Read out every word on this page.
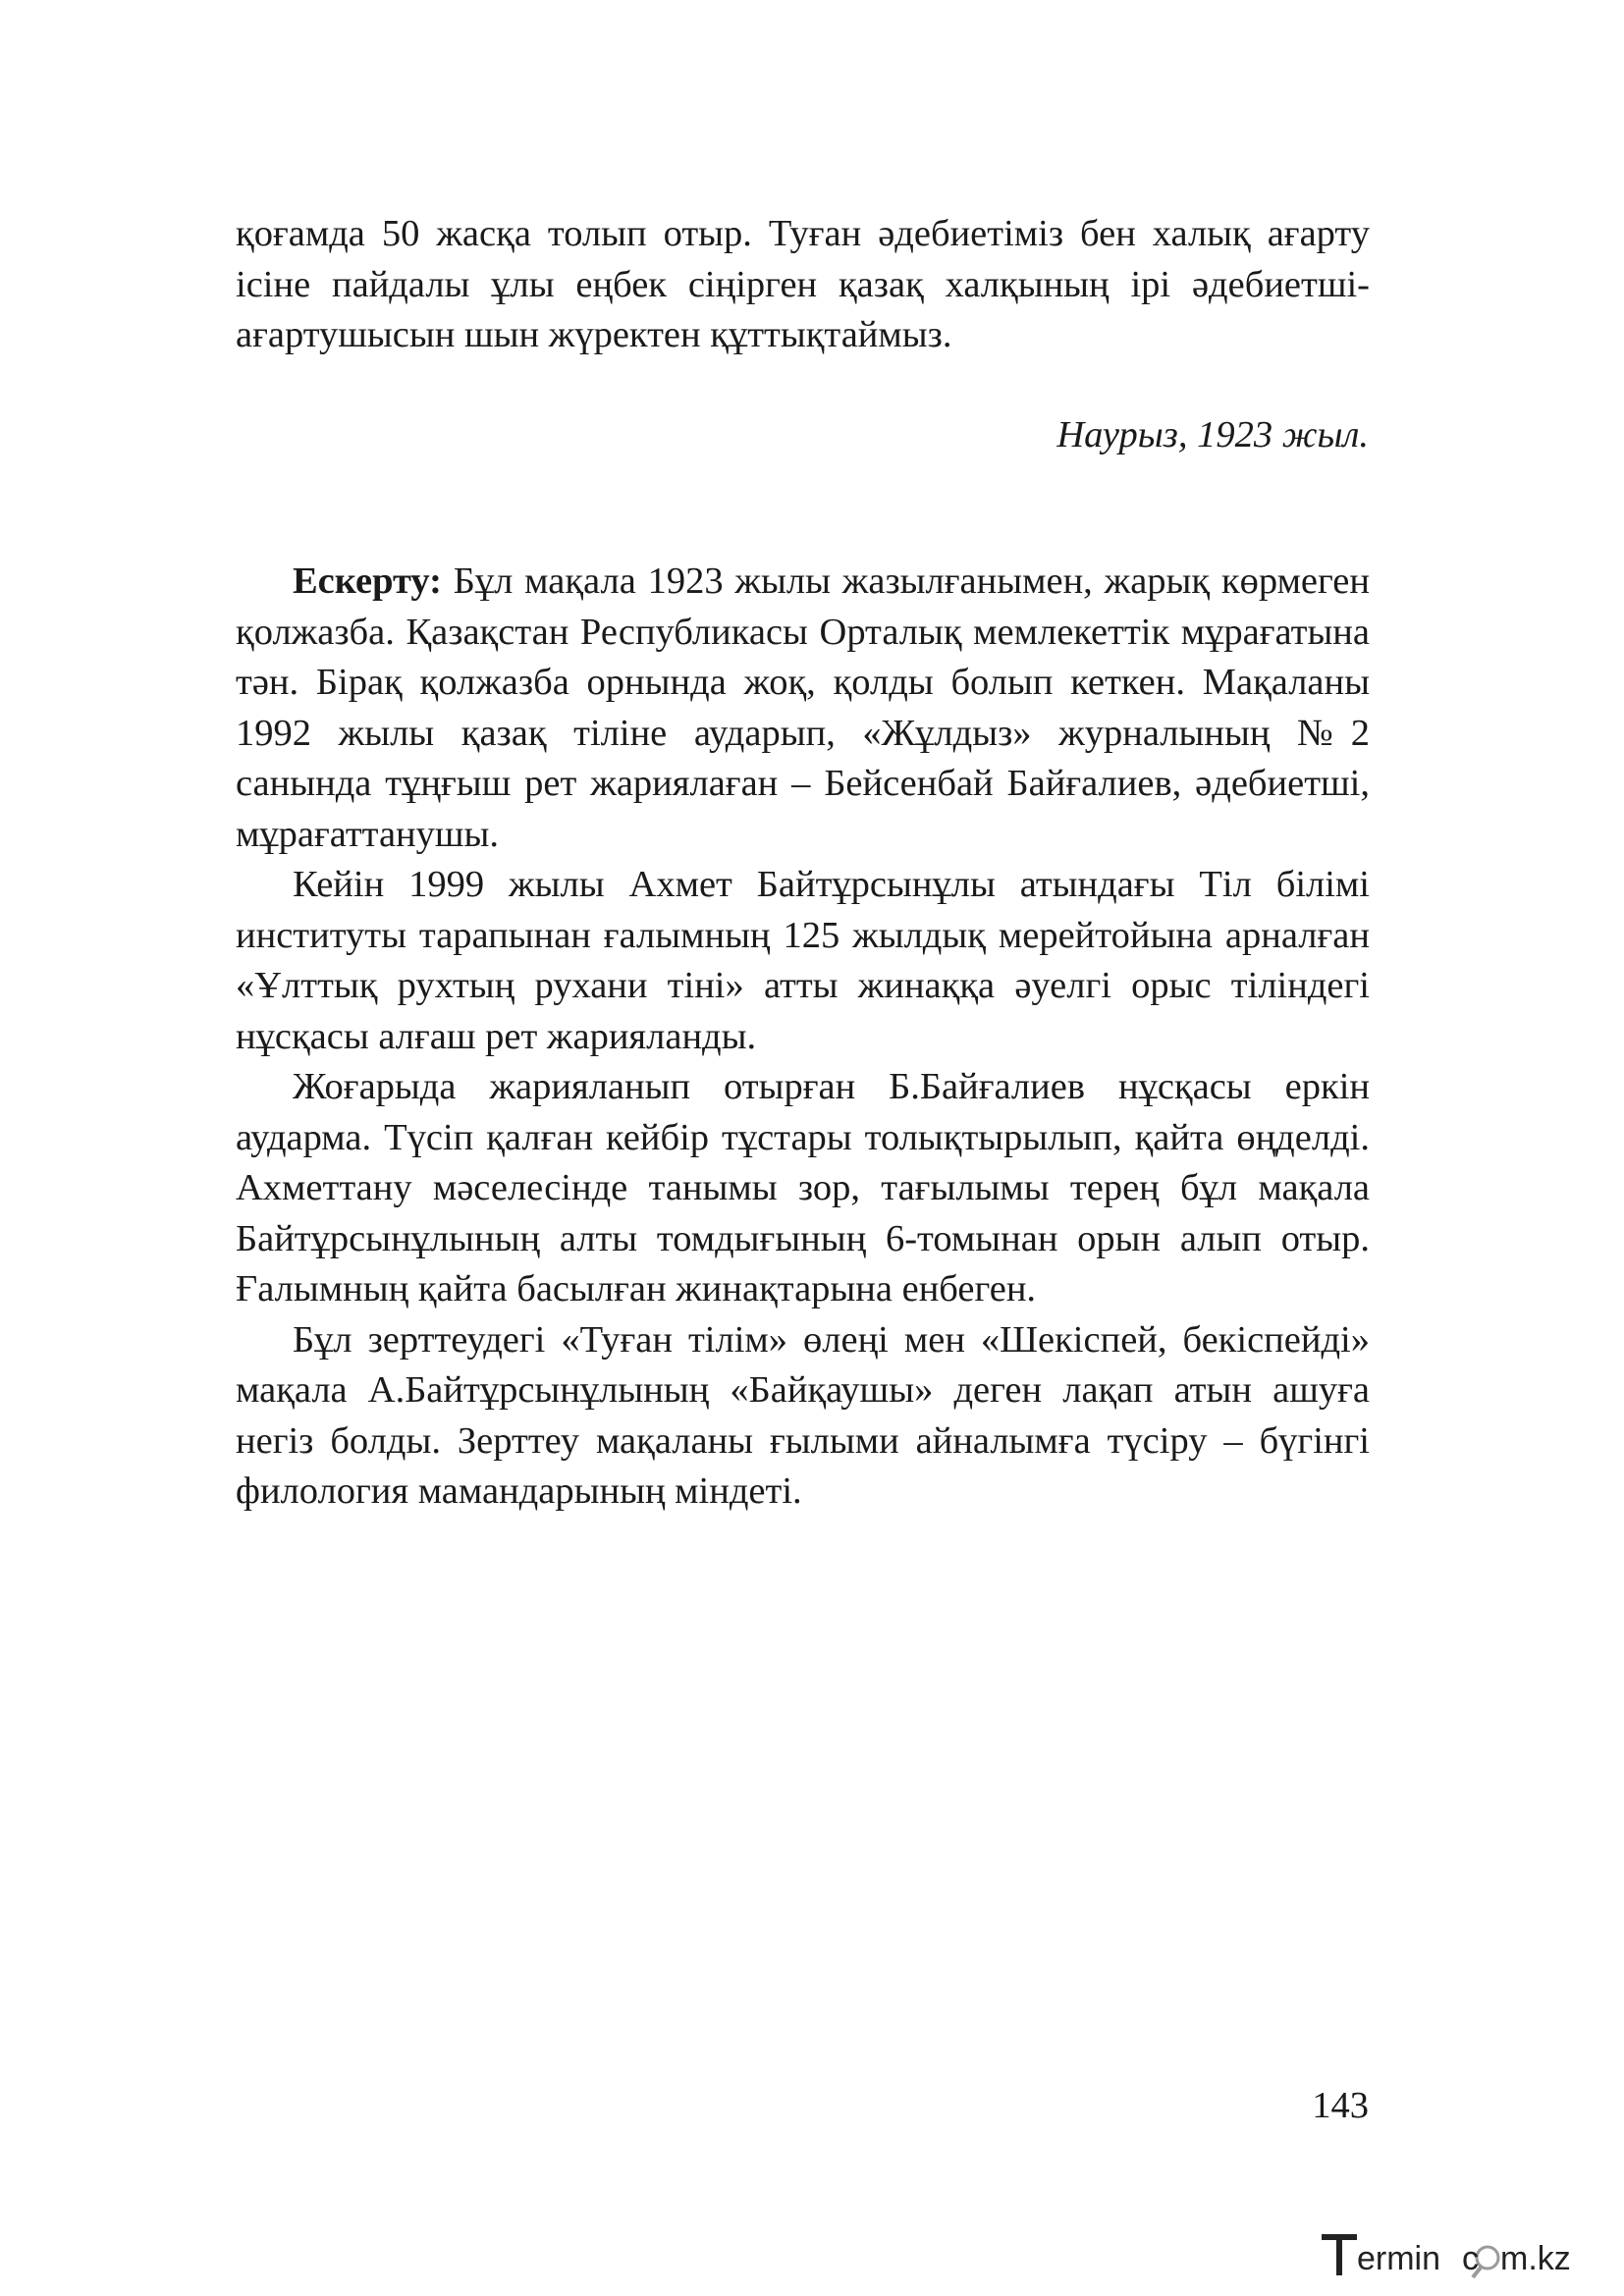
қоғамда 50 жасқа толып отыр. Туған әдебиетіміз бен халық ағарту ісіне пайдалы ұлы еңбек сіңірген қазақ халқының ірі әдебиетші-ағартушысын шын жүректен құттықтаймыз.

Наурыз, 1923 жыл.

Ескерту: Бұл мақала 1923 жылы жазылғанымен, жарық көрмеген қолжазба. Қазақстан Республикасы Орталық мемлекеттік мұрағатына тән. Бірақ қолжазба орнында жоқ, қолды болып кеткен. Мақаланы 1992 жылы қазақ тіліне аударып, «Жұлдыз» журналының №2 санында тұңғыш рет жариялаған – Бейсенбай Байғалиев, әдебиетші, мұрағаттанушы.

Кейін 1999 жылы Ахмет Байтұрсынұлы атындағы Тіл білімі институты тарапынан ғалымның 125 жылдық мерейтойына арналған «Ұлттық рухтың рухани тіні» атты жинаққа әуелгі орыс тіліндегі нұсқасы алғаш рет жарияланды.

Жоғарыда жарияланып отырған Б.Байғалиев нұсқасы еркін аударма. Түсіп қалған кейбір тұстары толықтырылып, қайта өңделді. Ахметтану мәселесінде танымы зор, тағылымы терең бұл мақала Байтұрсынұлының алты томдығының 6-томынан орын алып отыр. Ғалымның қайта басылған жинақтарына енбеген.

Бұл зерттеудегі «Туған тілім» өлеңі мен «Шекіспей, бекіспейді» мақала А.Байтұрсынұлының «Байқаушы» деген лақап атын ашуға негіз болды. Зерттеу мақаланы ғылыми айналымға түсіру – бүгінгі филология мамандарының міндеті.

143
ermin c m.kz
